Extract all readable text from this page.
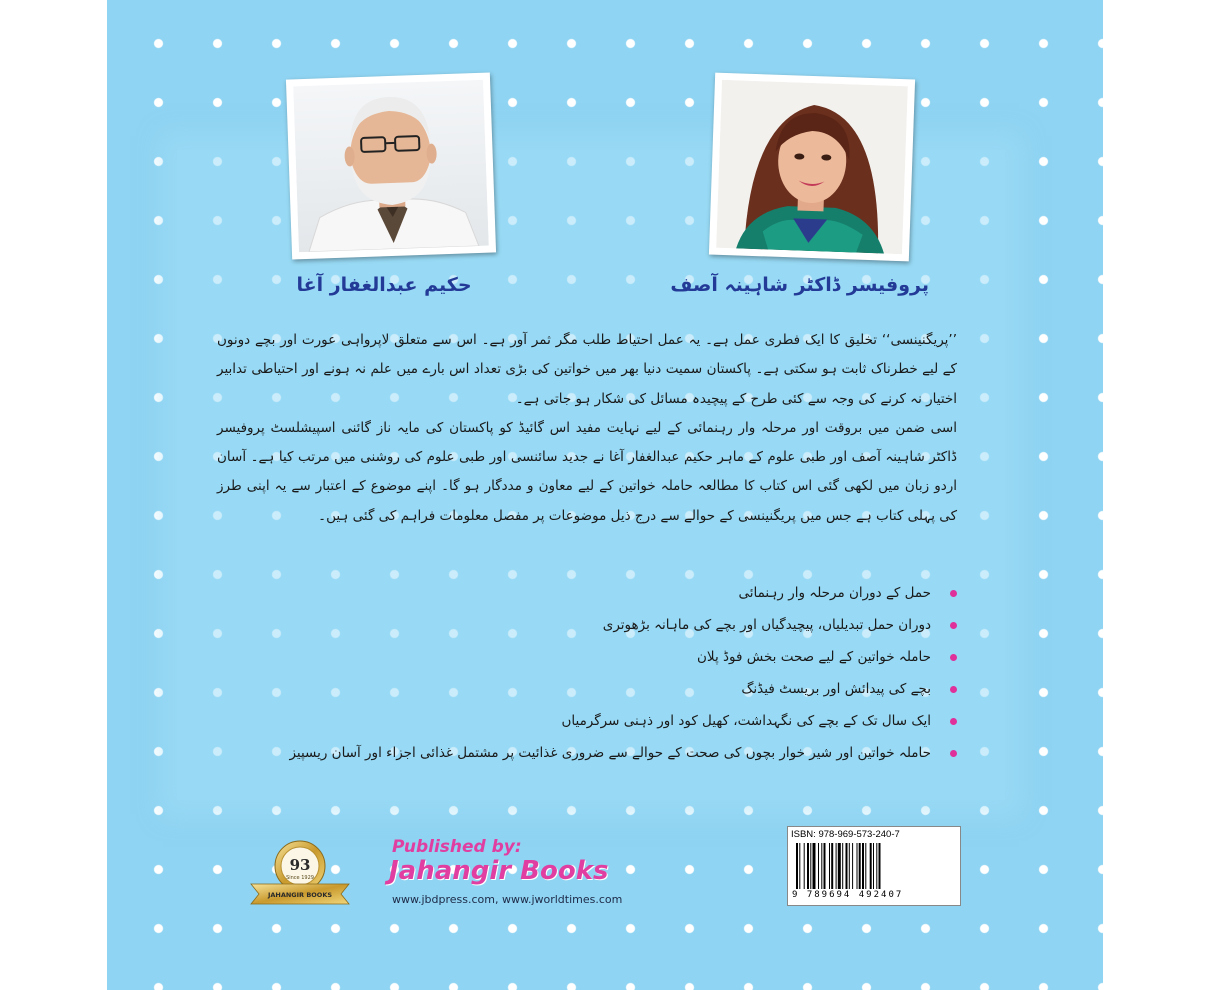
حکیم عبدالغفار آغا	پروفیسر ڈاکٹر شاہینہ آصف

’’پریگنینسی‘‘ تخلیق کا ایک فطری عمل ہے۔ یہ عمل احتیاط طلب مگر ثمر آور ہے۔ اس سے متعلق لاپرواہی عورت اور بچے دونوں کے لیے خطرناک ثابت ہو سکتی ہے۔ پاکستان سمیت دنیا بھر میں خواتین کی بڑی تعداد اس بارے میں علم نہ ہونے اور احتیاطی تدابیر اختیار نہ کرنے کی وجہ سے کئی طرح کے پیچیدہ مسائل کی شکار ہو جاتی ہے۔

اسی ضمن میں بروقت اور مرحلہ وار رہنمائی کے لیے نہایت مفید اس گائیڈ کو پاکستان کی مایہ ناز گائنی اسپیشلسٹ پروفیسر ڈاکٹر شاہینہ آصف اور طبی علوم کے ماہر حکیم عبدالغفار آغا نے جدید سائنسی اور طبی علوم کی روشنی میں مرتب کیا ہے۔ آسان اردو زبان میں لکھی گئی اس کتاب کا مطالعہ حاملہ خواتین کے لیے معاون و مددگار ہو گا۔ اپنے موضوع کے اعتبار سے یہ اپنی طرز کی پہلی کتاب ہے جس میں پریگنینسی کے حوالے سے درج ذیل موضوعات پر مفصل معلومات فراہم کی گئی ہیں۔

حمل کے دوران مرحلہ وار رہنمائی
دوران حمل تبدیلیاں، پیچیدگیاں اور بچے کی ماہانہ بڑھوتری
حاملہ خواتین کے لیے صحت بخش فوڈ پلان
بچے کی پیدائش اور بریسٹ فیڈنگ
ایک سال تک کے بچے کی نگہداشت، کھیل کود اور ذہنی سرگرمیاں
حاملہ خواتین اور شیر خوار بچوں کی صحت کے حوالے سے ضروری غذائیت پر مشتمل غذائی اجزاء اور آسان ریسپیز
93
Since 1929
JAHANGIR BOOKS
Published by:
Jahangir Books
www.jbdpress.com, www.jworldtimes.com
ISBN: 978-969-573-240-7
9 789694 492407
